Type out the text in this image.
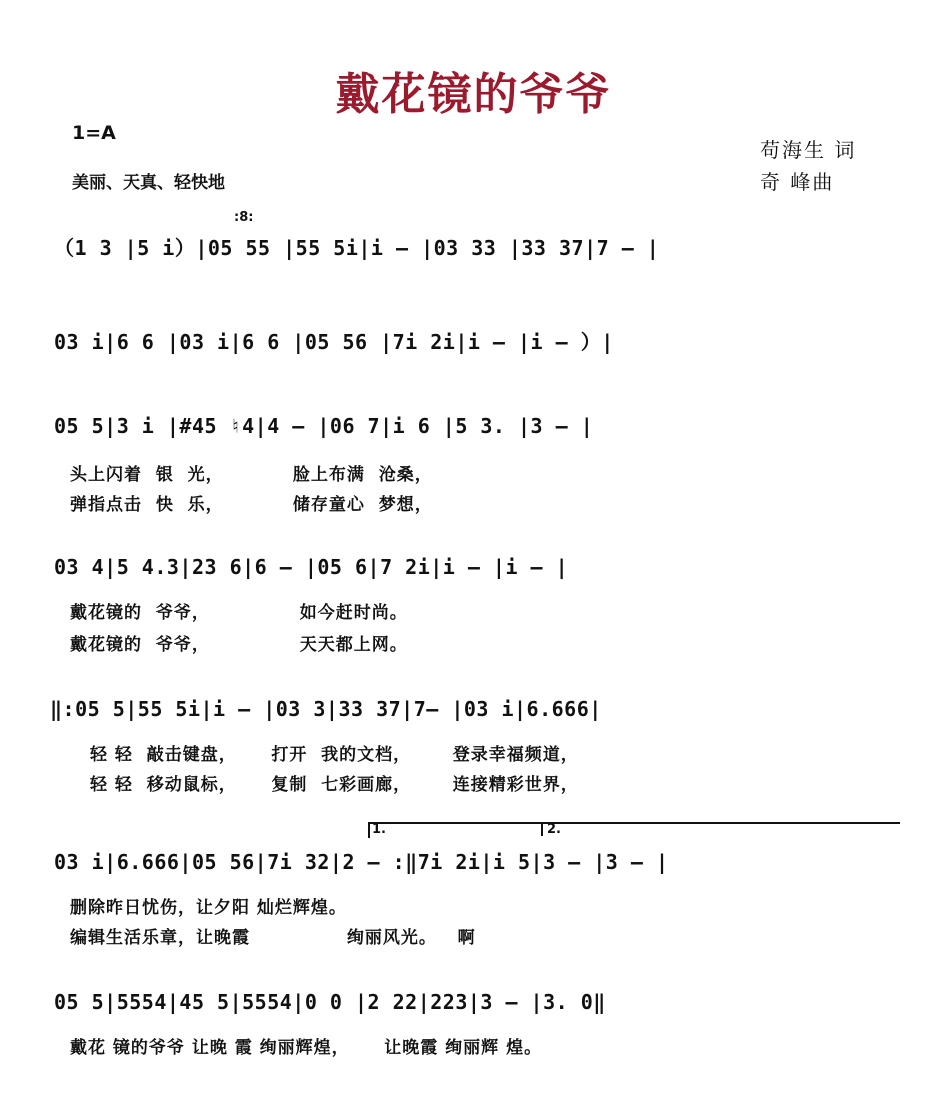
戴花镜的爷爷
1=A
美丽、天真、轻快地
苟海生 词
奇 峰曲
:8:
（1 3 |5 i）|05 55 |55 5i|i – |03 33 |33 37|7 – |
03 i|6 6 |03 i|6 6 |05 56 |7i 2i|i – |i – ）|
05 5|3 i |#45 ♮4|4 – |06 7|i 6 |5 3. |3 – |
头上闪着  银  光，          脸上布满  沧桑，
弹指点击  快  乐，          储存童心  梦想，
03 4|5 4.3|23 6|6 – |05 6|7 2i|i – |i – |
戴花镜的  爷爷，             如今赶时尚。
戴花镜的  爷爷，             天天都上网。
‖:05 5|55 5i|i – |03 3|33 37|7– |03 i|6.666|
轻 轻  敲击键盘，     打开  我的文档，      登录幸福频道，
轻 轻  移动鼠标，     复制  七彩画廊，      连接精彩世界，
1.	2.
03 i|6.666|05 56|7i 32|2 – :‖7i 2i|i 5|3 – |3 – |
删除昨日忧伤，让夕阳 灿烂辉煌。
编辑生活乐章，让晚霞              绚丽风光。   啊
05 5|5554|45 5|5554|0 0 |2 22|223|3 – |3. 0‖
戴花 镜的爷爷 让晚 霞 绚丽辉煌，     让晚霞 绚丽辉 煌。
